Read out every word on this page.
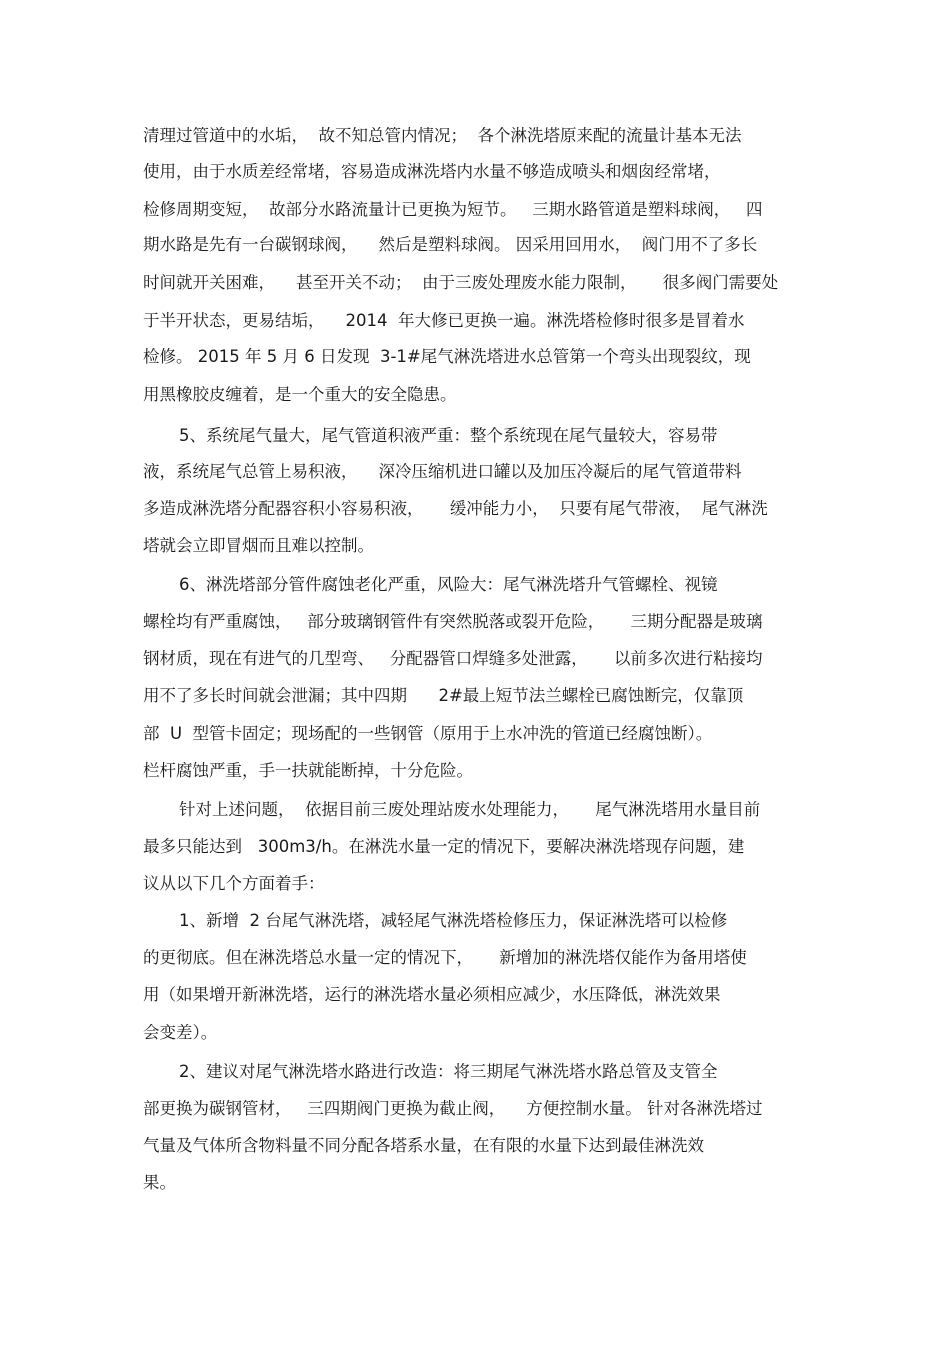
清理过管道中的水垢，  故不知总管内情况；  各个淋洗塔原来配的流量计基本无法
使用，由于水质差经常堵，容易造成淋洗塔内水量不够造成喷头和烟囱经常堵，
检修周期变短，  故部分水路流量计已更换为短节。   三期水路管道是塑料球阀，   四
期水路是先有一台碳钢球阀，    然后是塑料球阀。 因采用回用水，  阀门用不了多长
时间就开关困难，    甚至开关不动；  由于三废处理废水能力限制，     很多阀门需要处
于半开状态，更易结垢，    2014  年大修已更换一遍。淋洗塔检修时很多是冒着水
检修。 2015 年 5 月 6 日发现  3-1#尾气淋洗塔进水总管第一个弯头出现裂纹，现
用黑橡胶皮缠着，是一个重大的安全隐患。
5、系统尾气量大，尾气管道积液严重：整个系统现在尾气量较大，容易带
液，系统尾气总管上易积液，    深冷压缩机进口罐以及加压冷凝后的尾气管道带料
多造成淋洗塔分配器容积小容易积液，     缓冲能力小，  只要有尾气带液，  尾气淋洗
塔就会立即冒烟而且难以控制。
6、淋洗塔部分管件腐蚀老化严重，风险大：尾气淋洗塔升气管螺栓、视镜
螺栓均有严重腐蚀，   部分玻璃钢管件有突然脱落或裂开危险，     三期分配器是玻璃
钢材质，现在有进气的几型弯、   分配器管口焊缝多处泄露，     以前多次进行粘接均
用不了多长时间就会泄漏；其中四期      2#最上短节法兰螺栓已腐蚀断完，仅靠顶
部  U  型管卡固定；现场配的一些钢管（原用于上水冲洗的管道已经腐蚀断）。
栏杆腐蚀严重，手一扶就能断掉，十分危险。
针对上述问题，  依据目前三废处理站废水处理能力，     尾气淋洗塔用水量目前
最多只能达到   300m3/h。在淋洗水量一定的情况下，要解决淋洗塔现存问题，建
议从以下几个方面着手：
1、新增  2 台尾气淋洗塔，减轻尾气淋洗塔检修压力，保证淋洗塔可以检修
的更彻底。但在淋洗塔总水量一定的情况下，     新增加的淋洗塔仅能作为备用塔使
用（如果增开新淋洗塔，运行的淋洗塔水量必须相应减少，水压降低，淋洗效果
会变差）。
2、建议对尾气淋洗塔水路进行改造：将三期尾气淋洗塔水路总管及支管全
部更换为碳钢管材，   三四期阀门更换为截止阀，    方便控制水量。 针对各淋洗塔过
气量及气体所含物料量不同分配各塔系水量，在有限的水量下达到最佳淋洗效
果。
